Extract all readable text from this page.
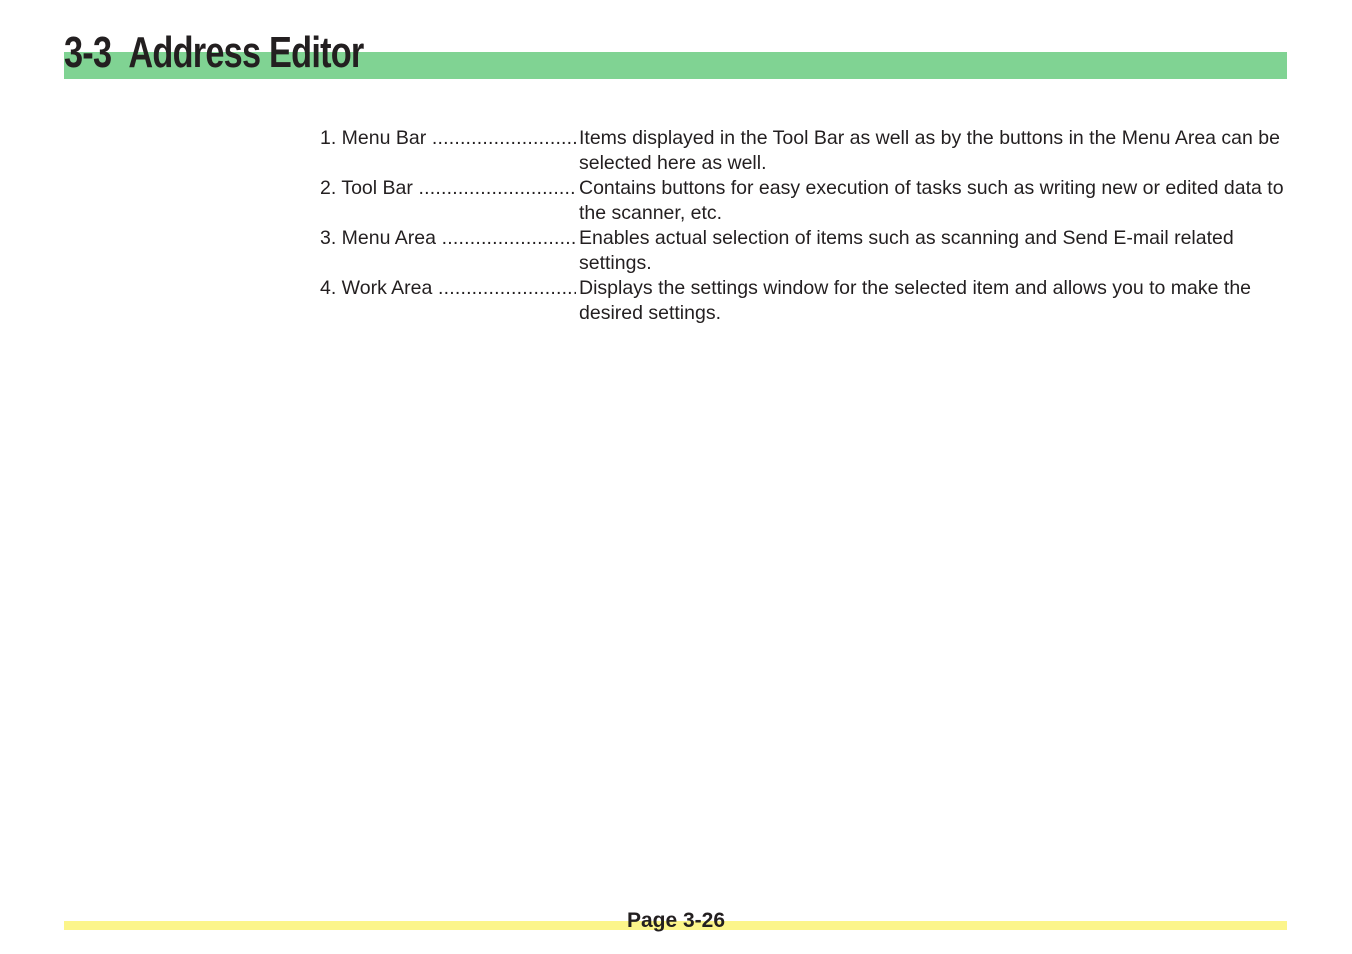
3-3 Address Editor
1. Menu Bar .....	Items displayed in the Tool Bar as well as by the buttons in the Menu Area can be selected here as well.
2. Tool Bar .....	Contains buttons for easy execution of tasks such as writing new or edited data to the scanner, etc.
3. Menu Area .....	Enables actual selection of items such as scanning and Send E-mail related settings.
4. Work Area .....	Displays the settings window for the selected item and allows you to make the desired settings.
Page 3-26
